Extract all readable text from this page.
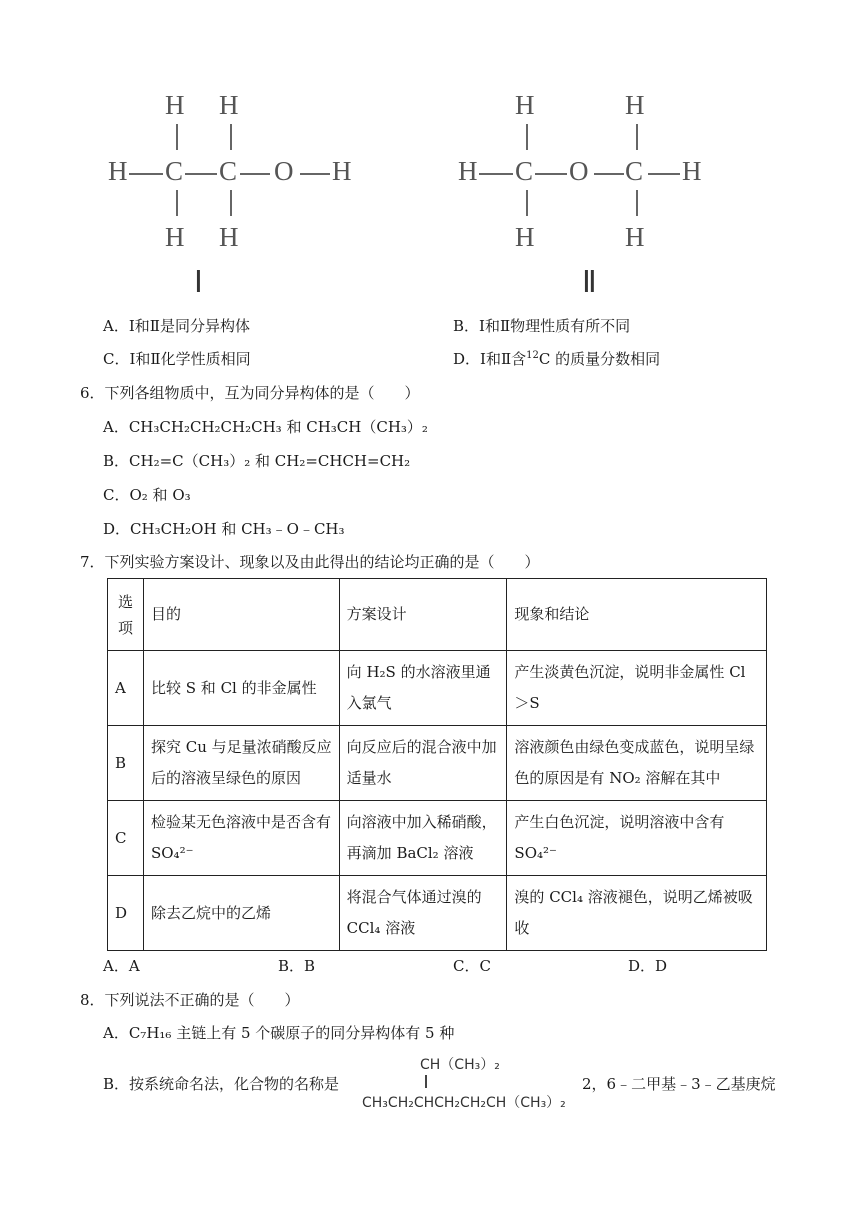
H H
H C C O H
H H
Ⅰ
H	H
H C O C H
H	H
Ⅱ
A．Ⅰ和Ⅱ是同分异构体	B．Ⅰ和Ⅱ物理性质有所不同
C．Ⅰ和Ⅱ化学性质相同	D．Ⅰ和Ⅱ含$^{12}$C 的质量分数相同
6．下列各组物质中，互为同分异构体的是（　　）
A．CH₃CH₂CH₂CH₂CH₃ 和 CH₃CH（CH₃）₂
B．CH₂=C（CH₃）₂ 和 CH₂=CHCH=CH₂
C．O₂ 和 O₃
D．CH₃CH₂OH 和 CH₃﹣O﹣CH₃
7．下列实验方案设计、现象以及由此得出的结论均正确的是（　　）
选项	目的	方案设计	现象和结论
A	比较 S 和 Cl 的非金属性	向 H₂S 的水溶液里通入氯气	产生淡黄色沉淀，说明非金属性 Cl ＞S
B	探究 Cu 与足量浓硝酸反应后的溶液呈绿色的原因	向反应后的混合液中加适量水	溶液颜色由绿色变成蓝色，说明呈绿色的原因是有 NO₂ 溶解在其中
C	检验某无色溶液中是否含有 SO₄²⁻	向溶液中加入稀硝酸，再滴加 BaCl₂ 溶液	产生白色沉淀，说明溶液中含有 SO₄²⁻
D	除去乙烷中的乙烯	将混合气体通过溴的 CCl₄ 溶液	溴的 CCl₄ 溶液褪色，说明乙烯被吸收
A．A	B．B	C．C	D．D
8．下列说法不正确的是（　　）
A．C₇H₁₆ 主链上有 5 个碳原子的同分异构体有 5 种
B．按系统命名法，化合物的名称是
CH（CH₃）₂
CH₃CH₂CHCH₂CH₂CH（CH₃）₂
2，6﹣二甲基﹣3﹣乙基庚烷
